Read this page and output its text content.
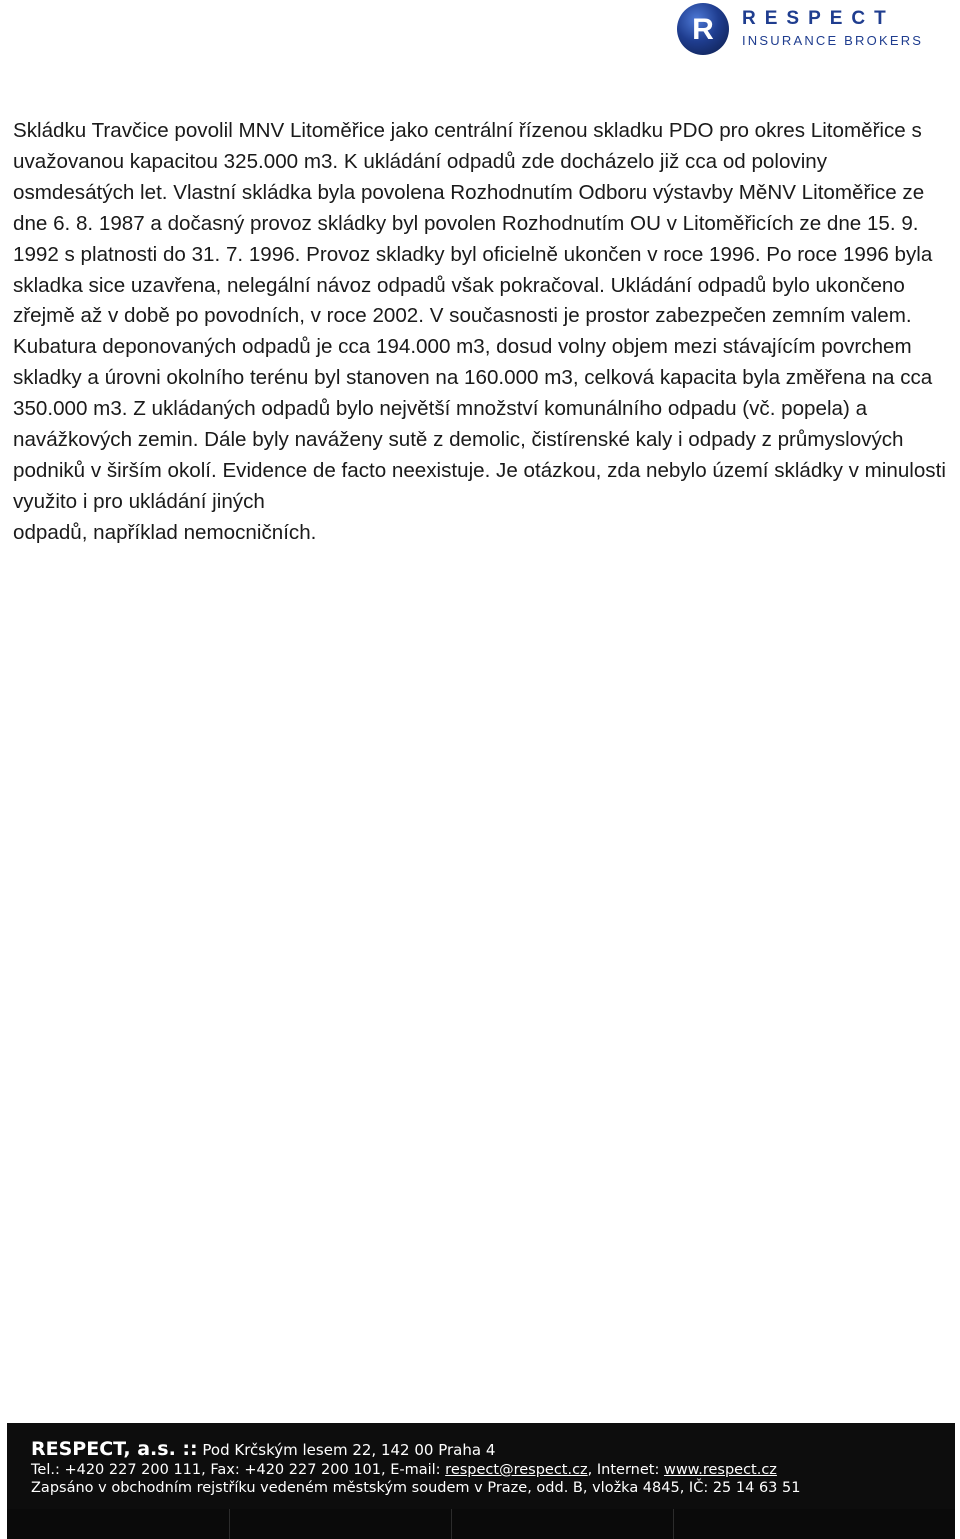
R RESPECT
INSURANCE BROKERS

Skládku Travčice povolil MNV Litoměřice jako centrální řízenou skladku PDO pro okres Litoměřice s uvažovanou kapacitou 325.000 m3. K ukládání odpadů zde docházelo již cca od poloviny osmdesátých let. Vlastní skládka byla povolena Rozhodnutím Odboru výstavby MěNV Litoměřice ze dne 6. 8. 1987 a dočasný provoz skládky byl povolen Rozhodnutím OU v Litoměřicích ze dne 15. 9. 1992 s platnosti do 31. 7. 1996. Provoz skladky byl oficielně ukončen v roce 1996. Po roce 1996 byla skladka sice uzavřena, nelegální návoz odpadů však pokračoval. Ukládání odpadů bylo ukončeno zřejmě až v době po povodních, v roce 2002. V současnosti je prostor zabezpečen zemním valem. Kubatura deponovaných odpadů je cca 194.000 m3, dosud volny objem mezi stávajícím povrchem skladky a úrovni okolního terénu byl stanoven na 160.000 m3, celková kapacita byla změřena na cca 350.000 m3. Z ukládaných odpadů bylo největší množství komunálního odpadu (vč. popela) a navážkových zemin. Dále byly naváženy sutě z demolic, čistírenské kaly i odpady z průmyslových podniků v širším okolí. Evidence de facto neexistuje. Je otázkou, zda nebylo území skládky v minulosti využito i pro ukládání jiných
odpadů, například nemocničních.

RESPECT, a.s. :: Pod Krčským lesem 22, 142 00 Praha 4
Tel.: +420 227 200 111, Fax: +420 227 200 101, E-mail: respect@respect.cz, Internet: www.respect.cz
Zapsáno v obchodním rejstříku vedeném městským soudem v Praze, odd. B, vložka 4845, IČ: 25 14 63 51
